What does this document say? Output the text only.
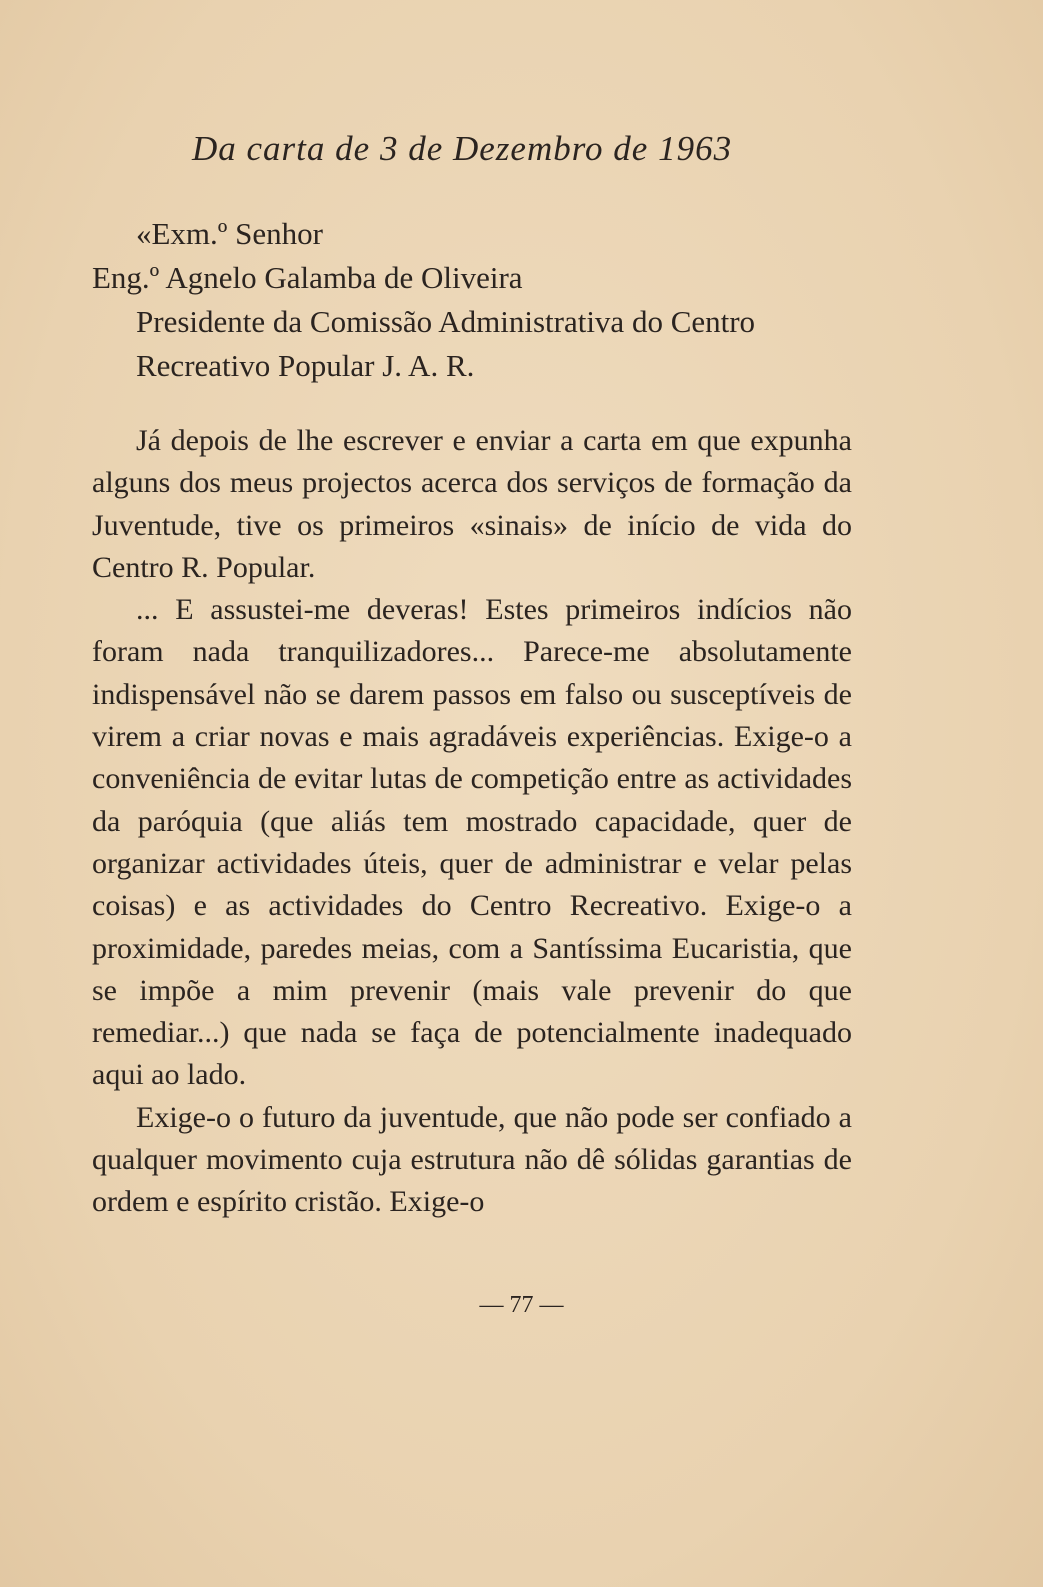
Da carta de 3 de Dezembro de 1963
«Exm.º Senhor
Eng.º Agnelo Galamba de Oliveira
Presidente da Comissão Administrativa do Centro
Recreativo Popular J. A. R.

Já depois de lhe escrever e enviar a carta em que expunha alguns dos meus projectos acerca dos serviços de formação da Juventude, tive os primeiros «sinais» de início de vida do Centro R. Popular.

... E assustei-me deveras! Estes primeiros indícios não foram nada tranquilizadores... Parece-me absolutamente indispensável não se darem passos em falso ou susceptíveis de virem a criar novas e mais agradáveis experiências. Exige-o a conveniência de evitar lutas de competição entre as actividades da paróquia (que aliás tem mostrado capacidade, quer de organizar actividades úteis, quer de administrar e velar pelas coisas) e as actividades do Centro Recreativo. Exige-o a proximidade, paredes meias, com a Santíssima Eucaristia, que se impõe a mim prevenir (mais vale prevenir do que remediar...) que nada se faça de potencialmente inadequado aqui ao lado.

Exige-o o futuro da juventude, que não pode ser confiado a qualquer movimento cuja estrutura não dê sólidas garantias de ordem e espírito cristão. Exige-o

— 77 —
